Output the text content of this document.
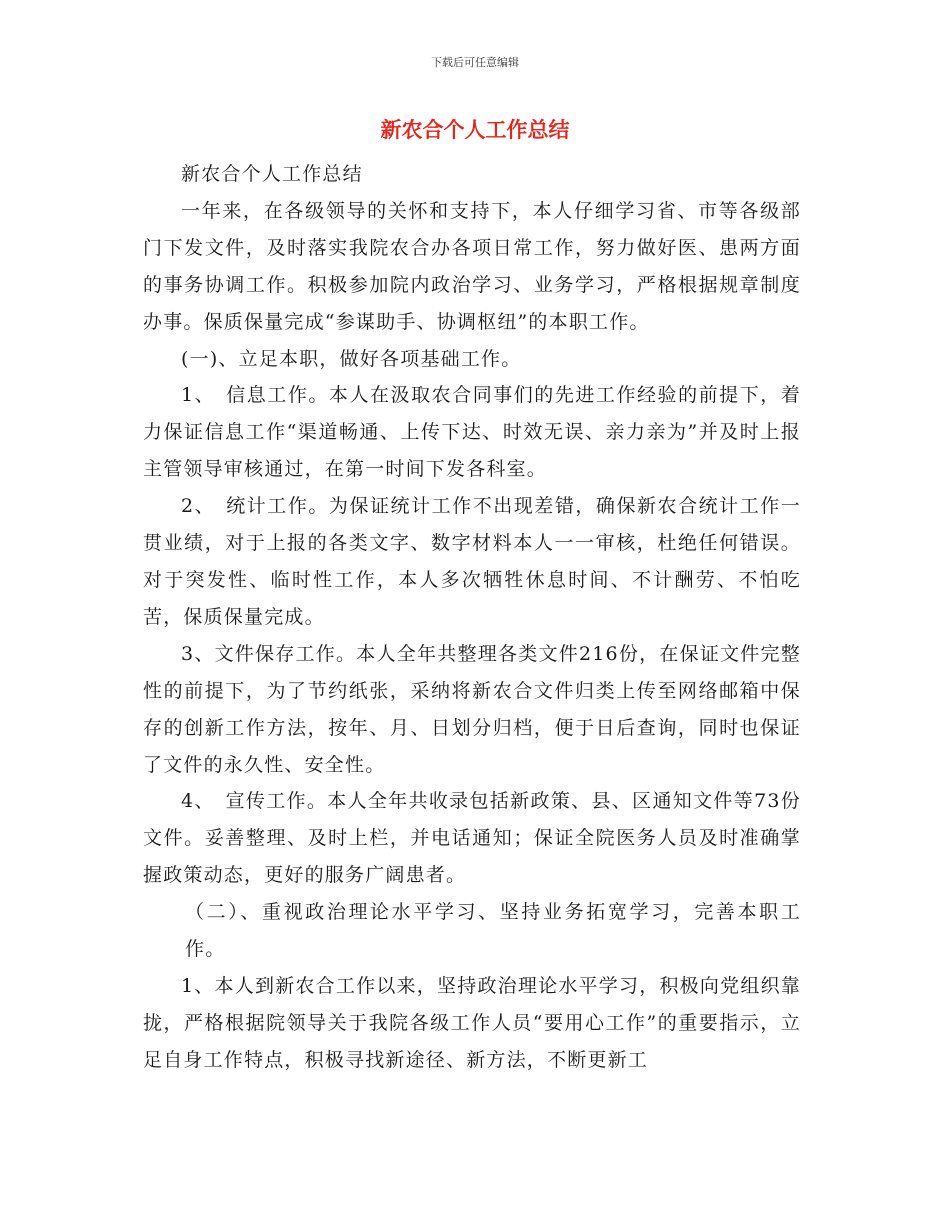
下载后可任意编辑
新农合个人工作总结

新农合个人工作总结

一年来，在各级领导的关怀和支持下，本人仔细学习省、市等各级部门下发文件，及时落实我院农合办各项日常工作，努力做好医、患两方面的事务协调工作。积极参加院内政治学习、业务学习，严格根据规章制度办事。保质保量完成“参谋助手、协调枢纽”的本职工作。

(一)、立足本职，做好各项基础工作。

1、　信息工作。本人在汲取农合同事们的先进工作经验的前提下，着力保证信息工作“渠道畅通、上传下达、时效无误、亲力亲为”并及时上报主管领导审核通过，在第一时间下发各科室。

2、　统计工作。为保证统计工作不出现差错，确保新农合统计工作一贯业绩，对于上报的各类文字、数字材料本人一一审核，杜绝任何错误。对于突发性、临时性工作，本人多次牺牲休息时间、不计酬劳、不怕吃苦，保质保量完成。

3、文件保存工作。本人全年共整理各类文件216份，在保证文件完整性的前提下，为了节约纸张，采纳将新农合文件归类上传至网络邮箱中保存的创新工作方法，按年、月、日划分归档，便于日后查询，同时也保证了文件的永久性、安全性。

4、　宣传工作。本人全年共收录包括新政策、县、区通知文件等73份文件。妥善整理、及时上栏，并电话通知；保证全院医务人员及时准确掌握政策动态，更好的服务广阔患者。

（二）、重视政治理论水平学习、坚持业务拓宽学习，完善本职工作。

1、本人到新农合工作以来，坚持政治理论水平学习，积极向党组织靠拢，严格根据院领导关于我院各级工作人员“要用心工作”的重要指示，立足自身工作特点，积极寻找新途径、新方法，不断更新工
